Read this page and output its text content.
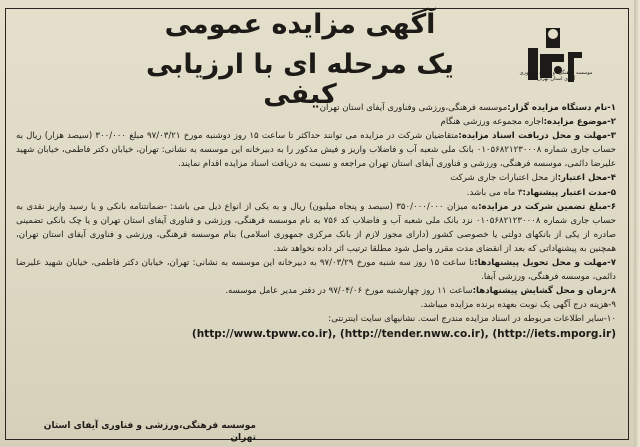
موسسه فرهنگی، ورزشی و فناوری
آیفای استان تهران
آگهی مزایده عمومی
یک مرحله ای با ارزیابی کیفی	۱-نام دستگاه مزایده گزار:موسسه فرهنگی،ورزشی وفناوری آیفای استان تهران

۲-موضوع مزایده:اجاره مجموعه ورزشی هنگام

۳-مهلت و محل دریافت اسناد مزایده:متقاضیان شرکت در مزایده می توانند حداکثر تا ساعت ۱۵ روز دوشنبه مورخ ۹۷/۰۳/۲۱ مبلغ ۳۰۰/۰۰۰ (سیصد هزار) ریال به حساب جاری شماره ۰۱۰۵۶۸۲۱۲۳۰۰۰۸ بانک ملی شعبه آب و فاضلاب واریز و فیش مذکور را به دبیرخانه این موسسه به نشانی: تهران، خیابان دکتر فاطمی، خیابان شهید علیرضا دائمی، موسسه فرهنگی، ورزشی و فناوری آیفای استان تهران مراجعه و نسبت به دریافت اسناد مزایده اقدام نمایند.

۴-محل اعتبار:از محل اعتبارات جاری شرکت

۵-مدت اعتبار پیشنهاد:۳ ماه می باشد.

۶-مبلغ تضمین شرکت در مزایده:به میزان ۳۵۰/۰۰۰/۰۰۰ (سیصد و پنجاه میلیون) ریال و به یکی از انواع ذیل می باشد: -ضمانتنامه بانکی و یا رسید واریز نقدی به حساب جاری شماره ۰۱۰۵۶۸۲۱۲۳۰۰۰۸ نزد بانک ملی شعبه آب و فاضلاب کد ۷۵۶ به نام موسسه فرهنگی، ورزشی و فناوری آیفای استان تهران و یا چک بانکی تضمینی صادره از یکی از بانکهای دولتی یا خصوصی کشور (دارای مجوز لازم از بانک مرکزی جمهوری اسلامی) بنام موسسه فرهنگی، ورزشی و فناوری آیفای استان تهران، همچنین به پیشنهاداتی که بعد از انقضای مدت مقرر واصل شود مطلقا ترتیب اثر داده نخواهد شد.

۷-مهلت و محل تحویل پیشنهادها:تا ساعت ۱۵ روز سه شنبه مورخ ۹۷/۰۳/۲۹ به دبیرخانه این موسسه به نشانی: تهران، خیابان دکتر فاطمی، خیابان شهید علیرضا دائمی، موسسه فرهنگی، ورزشی آیفا.

۸-زمان و محل گشایش پیشنهادها:ساعت ۱۱ روز چهارشنبه مورخ ۹۷/۰۴/۰۶ در دفتر مدیر عامل موسسه.

۹-هزینه درج آگهی یک نوبت بعهده برنده مزایده میباشد.

۱۰-سایر اطلاعات مربوطه در اسناد مزایده مندرج است. نشانیهای سایت اینترنتی:

(http://www.tpww.co.ir), (http://tender.nww.co.ir), (http://iets.mporg.ir)

موسسه فرهنگی،ورزشی و فناوری آیفای استان تهران
